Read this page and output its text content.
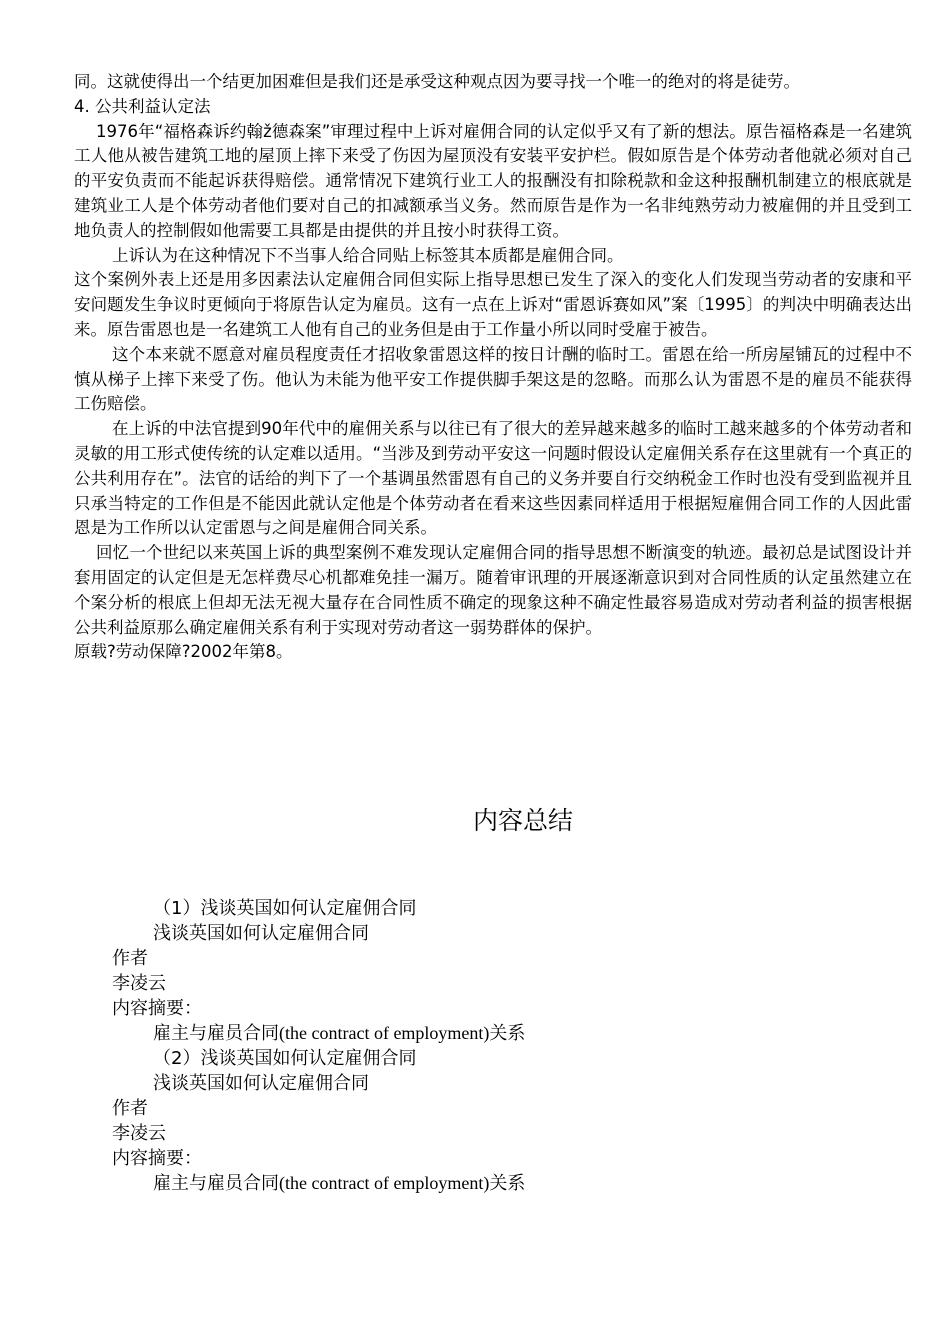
同。这就使得出一个结更加困难但是我们还是承受这种观点因为要寻找一个唯一的绝对的将是徒劳。

4. 公共利益认定法

1976年“福格森诉约翰ž德森案”审理过程中上诉对雇佣合同的认定似乎又有了新的想法。原告福格森是一名建筑工人他从被告建筑工地的屋顶上摔下来受了伤因为屋顶没有安装平安护栏。假如原告是个体劳动者他就必须对自己的平安负责而不能起诉获得赔偿。通常情况下建筑行业工人的报酬没有扣除税款和金这种报酬机制建立的根底就是建筑业工人是个体劳动者他们要对自己的扣减额承当义务。然而原告是作为一名非纯熟劳动力被雇佣的并且受到工地负责人的控制假如他需要工具都是由提供的并且按小时获得工资。

上诉认为在这种情况下不当事人给合同贴上标签其本质都是雇佣合同。

这个案例外表上还是用多因素法认定雇佣合同但实际上指导思想已发生了深入的变化人们发现当劳动者的安康和平安问题发生争议时更倾向于将原告认定为雇员。这有一点在上诉对“雷恩诉赛如风”案〔1995〕的判决中明确表达出来。原告雷恩也是一名建筑工人他有自己的业务但是由于工作量小所以同时受雇于被告。

这个本来就不愿意对雇员程度责任才招收象雷恩这样的按日计酬的临时工。雷恩在给一所房屋铺瓦的过程中不慎从梯子上摔下来受了伤。他认为未能为他平安工作提供脚手架这是的忽略。而那么认为雷恩不是的雇员不能获得工伤赔偿。

在上诉的中法官提到90年代中的雇佣关系与以往已有了很大的差异越来越多的临时工越来越多的个体劳动者和灵敏的用工形式使传统的认定难以适用。“当涉及到劳动平安这一问题时假设认定雇佣关系存在这里就有一个真正的公共利用存在”。法官的话给的判下了一个基调虽然雷恩有自己的义务并要自行交纳税金工作时也没有受到监视并且只承当特定的工作但是不能因此就认定他是个体劳动者在看来这些因素同样适用于根据短雇佣合同工作的人因此雷恩是为工作所以认定雷恩与之间是雇佣合同关系。

回忆一个世纪以来英国上诉的典型案例不难发现认定雇佣合同的指导思想不断演变的轨迹。最初总是试图设计并套用固定的认定但是无怎样费尽心机都难免挂一漏万。随着审讯理的开展逐渐意识到对合同性质的认定虽然建立在个案分析的根底上但却无法无视大量存在合同性质不确定的现象这种不确定性最容易造成对劳动者利益的损害根据公共利益原那么确定雇佣关系有利于实现对劳动者这一弱势群体的保护。

原载?劳动保障?2002年第8。

内容总结
（1）浅谈英国如何认定雇佣合同
浅谈英国如何认定雇佣合同
作者
李凌云
内容摘要：
雇主与雇员合同(the contract of employment)关系
（2）浅谈英国如何认定雇佣合同
浅谈英国如何认定雇佣合同
作者
李凌云
内容摘要：
雇主与雇员合同(the contract of employment)关系
